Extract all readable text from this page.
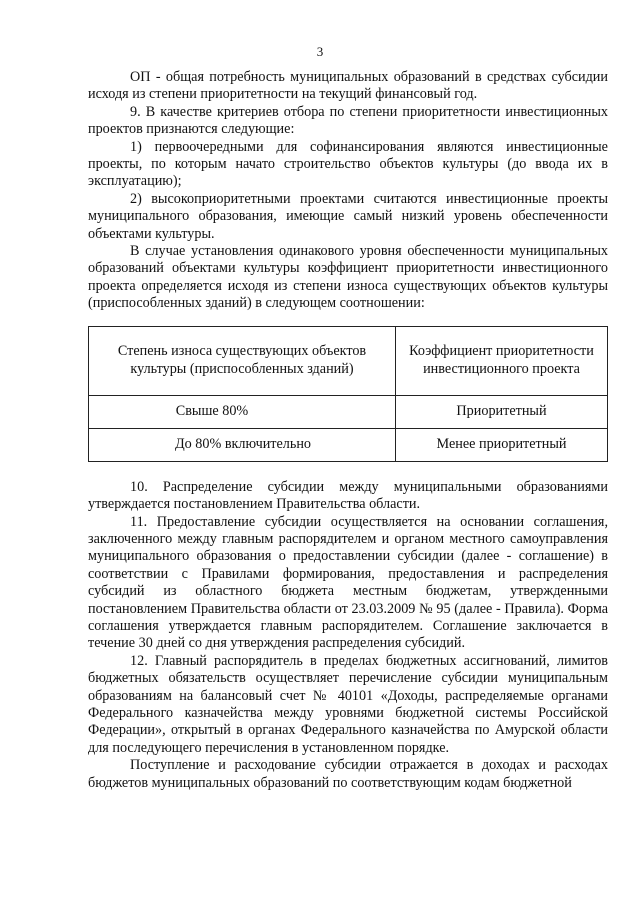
3

ОП - общая потребность муниципальных образований в средствах субсидии исходя из степени приоритетности на текущий финансовый год.

9. В качестве критериев отбора по степени приоритетности инвестиционных проектов признаются следующие:

1) первоочередными для софинансирования являются инвестиционные проекты, по которым начато строительство объектов культуры (до ввода их в эксплуатацию);

2) высокоприоритетными проектами считаются инвестиционные проекты муниципального образования, имеющие самый низкий уровень обеспеченности объектами культуры.

В случае установления одинакового уровня обеспеченности муниципальных образований объектами культуры коэффициент приоритетности инвестиционного проекта определяется исходя из степени износа существующих объектов культуры (приспособленных зданий) в следующем соотношении:

Степень износа существующих объектов культуры (приспособленных зданий)	Коэффициент приоритетности инвестиционного проекта
Свыше 80%	Приоритетный
До 80% включительно	Менее приоритетный

10. Распределение субсидии между муниципальными образованиями утверждается постановлением Правительства области.

11. Предоставление субсидии осуществляется на основании соглашения, заключенного между главным распорядителем и органом местного самоуправления муниципального образования о предоставлении субсидии (далее - соглашение) в соответствии с Правилами формирования, предоставления и распределения субсидий из областного бюджета местным бюджетам, утвержденными постановлением Правительства области от 23.03.2009 № 95 (далее - Правила). Форма соглашения утверждается главным распорядителем. Соглашение заключается в течение 30 дней со дня утверждения распределения субсидий.

12. Главный распорядитель в пределах бюджетных ассигнований, лимитов бюджетных обязательств осуществляет перечисление субсидии муниципальным образованиям на балансовый счет № 40101 «Доходы, распределяемые органами Федерального казначейства между уровнями бюджетной системы Российской Федерации», открытый в органах Федерального казначейства по Амурской области для последующего перечисления в установленном порядке.

Поступление и расходование субсидии отражается в доходах и расходах бюджетов муниципальных образований по соответствующим кодам бюджетной
